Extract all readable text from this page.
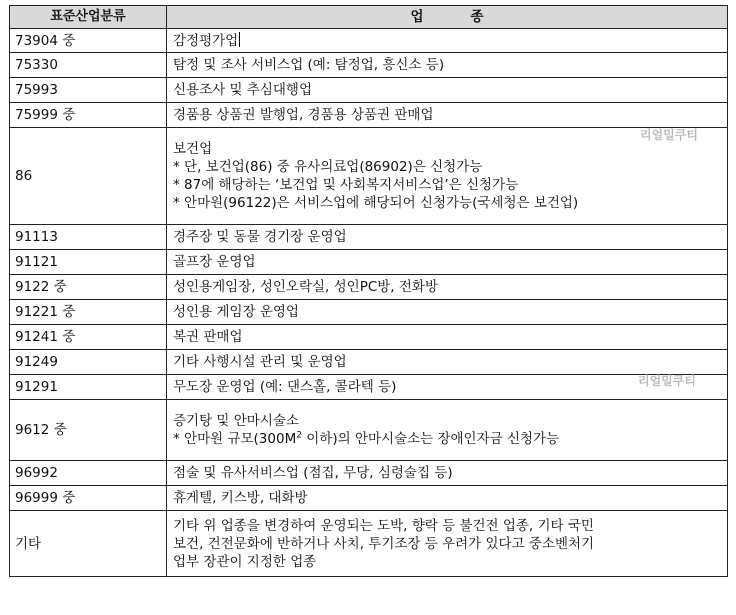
표준산업분류	업          종
73904 중	감정평가업
75330	탐정 및 조사 서비스업 (예: 탐정업, 흥신소 등)
75993	신용조사 및 추심대행업
75999 중	경품용 상품권 발행업, 경품용 상품권 판매업
86	보건업
* 단, 보건업(86) 중 유사의료업(86902)은 신청가능
* 87에 해당하는 ‘보건업 및 사회복지서비스업’은 신청가능
* 안마원(96122)은 서비스업에 해당되어 신청가능(국세청은 보건업)

91113	경주장 및 동물 경기장 운영업
91121	골프장 운영업
9122 중	성인용게임장, 성인오락실, 성인PC방, 전화방
91221 중	성인용 게임장 운영업
91241 중	복권 판매업
91249	기타 사행시설 관리 및 운영업
91291	무도장 운영업 (예: 댄스홀, 콜라텍 등)
9612 중	증기탕 및 안마시술소
* 안마원 규모($300M^2$ 이하)의 안마시술소는 장애인자금 신청가능

96992	점술 및 유사서비스업 (점집, 무당, 심령술집 등)
96999 중	휴게텔, 키스방, 대화방
기타	기타 위 업종을 변경하여 운영되는 도박, 향락 등 불건전 업종, 기타 국민
보건, 건전문화에 반하거나 사치, 투기조장 등 우려가 있다고 중소벤처기
업부 장관이 지정한 업종
리얼밀쿠티
리얼밀쿠티
